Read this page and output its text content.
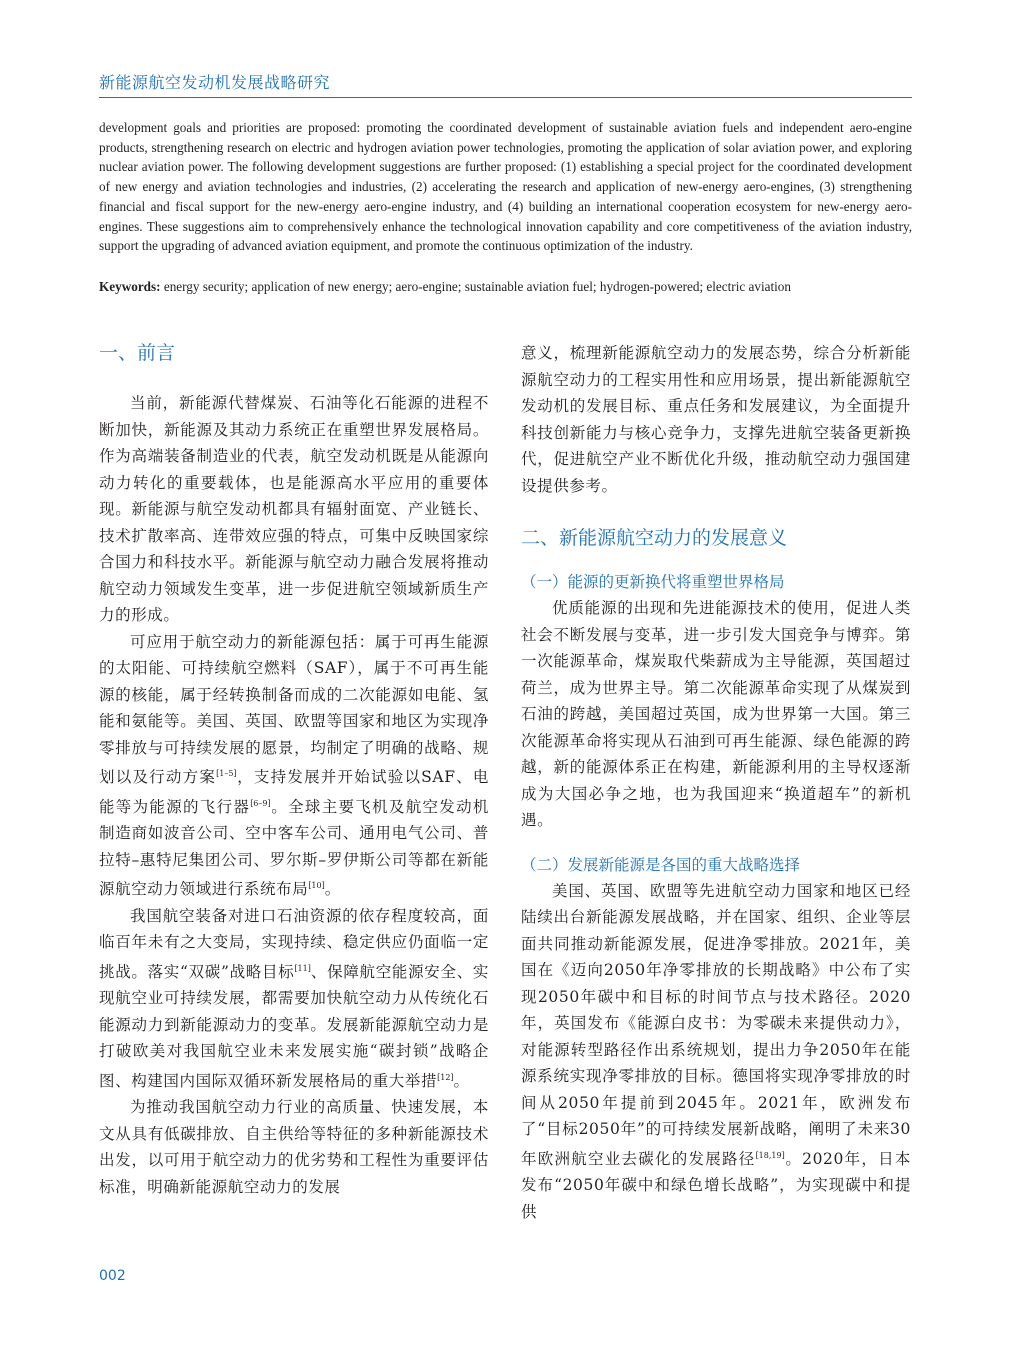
新能源航空发动机发展战略研究
development goals and priorities are proposed: promoting the coordinated development of sustainable aviation fuels and independent aero-engine products, strengthening research on electric and hydrogen aviation power technologies, promoting the application of solar aviation power, and exploring nuclear aviation power. The following development suggestions are further proposed: (1) establishing a special project for the coordinated development of new energy and aviation technologies and industries, (2) accelerating the research and application of new-energy aero-engines, (3) strengthening financial and fiscal support for the new-energy aero-engine industry, and (4) building an international cooperation ecosystem for new-energy aero-engines. These suggestions aim to comprehensively enhance the technological innovation capability and core competitiveness of the aviation industry, support the upgrading of advanced aviation equipment, and promote the continuous optimization of the industry.
Keywords: energy security; application of new energy; aero-engine; sustainable aviation fuel; hydrogen-powered; electric aviation
一、前言

当前，新能源代替煤炭、石油等化石能源的进程不断加快，新能源及其动力系统正在重塑世界发展格局。作为高端装备制造业的代表，航空发动机既是从能源向动力转化的重要载体，也是能源高水平应用的重要体现。新能源与航空发动机都具有辐射面宽、产业链长、技术扩散率高、连带效应强的特点，可集中反映国家综合国力和科技水平。新能源与航空动力融合发展将推动航空动力领域发生变革，进一步促进航空领域新质生产力的形成。

可应用于航空动力的新能源包括：属于可再生能源的太阳能、可持续航空燃料（SAF），属于不可再生能源的核能，属于经转换制备而成的二次能源如电能、氢能和氨能等。美国、英国、欧盟等国家和地区为实现净零排放与可持续发展的愿景，均制定了明确的战略、规划以及行动方案[1–5]，支持发展并开始试验以SAF、电能等为能源的飞行器[6–9]。全球主要飞机及航空发动机制造商如波音公司、空中客车公司、通用电气公司、普拉特–惠特尼集团公司、罗尔斯–罗伊斯公司等都在新能源航空动力领域进行系统布局[10]。

我国航空装备对进口石油资源的依存程度较高，面临百年未有之大变局，实现持续、稳定供应仍面临一定挑战。落实“双碳”战略目标[11]、保障航空能源安全、实现航空业可持续发展，都需要加快航空动力从传统化石能源动力到新能源动力的变革。发展新能源航空动力是打破欧美对我国航空业未来发展实施“碳封锁”战略企图、构建国内国际双循环新发展格局的重大举措[12]。

为推动我国航空动力行业的高质量、快速发展，本文从具有低碳排放、自主供给等特征的多种新能源技术出发，以可用于航空动力的优劣势和工程性为重要评估标准，明确新能源航空动力的发展

意义，梳理新能源航空动力的发展态势，综合分析新能源航空动力的工程实用性和应用场景，提出新能源航空发动机的发展目标、重点任务和发展建议，为全面提升科技创新能力与核心竞争力，支撑先进航空装备更新换代，促进航空产业不断优化升级，推动航空动力强国建设提供参考。

二、新能源航空动力的发展意义
（一）能源的更新换代将重塑世界格局

优质能源的出现和先进能源技术的使用，促进人类社会不断发展与变革，进一步引发大国竞争与博弈。第一次能源革命，煤炭取代柴薪成为主导能源，英国超过荷兰，成为世界主导。第二次能源革命实现了从煤炭到石油的跨越，美国超过英国，成为世界第一大国。第三次能源革命将实现从石油到可再生能源、绿色能源的跨越，新的能源体系正在构建，新能源利用的主导权逐渐成为大国必争之地，也为我国迎来“换道超车”的新机遇。

（二）发展新能源是各国的重大战略选择

美国、英国、欧盟等先进航空动力国家和地区已经陆续出台新能源发展战略，并在国家、组织、企业等层面共同推动新能源发展，促进净零排放。2021年，美国在《迈向2050年净零排放的长期战略》中公布了实现2050年碳中和目标的时间节点与技术路径。2020年，英国发布《能源白皮书：为零碳未来提供动力》，对能源转型路径作出系统规划，提出力争2050年在能源系统实现净零排放的目标。德国将实现净零排放的时间从2050年提前到2045年。2021年，欧洲发布了“目标2050年”的可持续发展新战略，阐明了未来30年欧洲航空业去碳化的发展路径[18,19]。2020年，日本发布“2050年碳中和绿色增长战略”，为实现碳中和提供

002
